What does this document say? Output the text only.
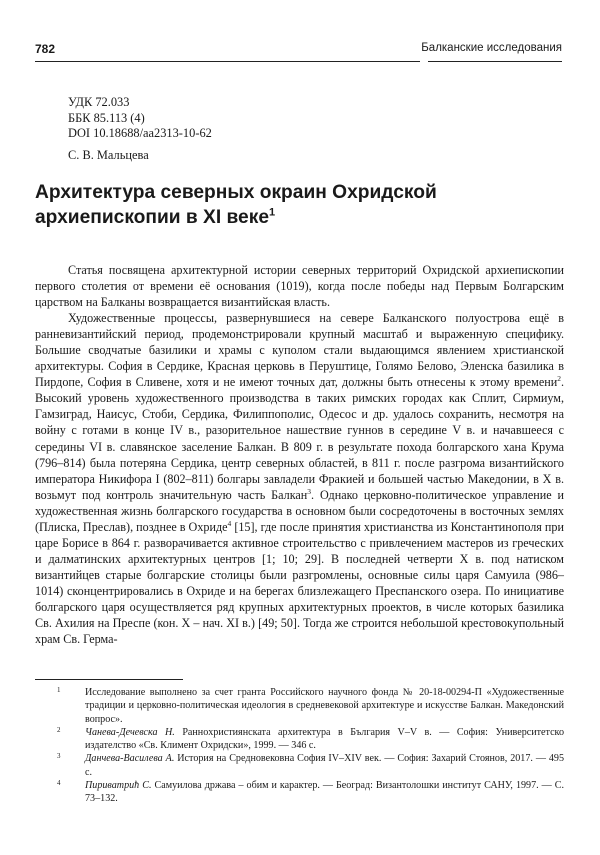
782	Балканские исследования
УДК 72.033
ББК 85.113 (4)
DOI 10.18688/aa2313-10-62
С. В. Мальцева
Архитектура северных окраин Охридской
архиепископии в XI веке$^1$

Статья посвящена архитектурной истории северных территорий Охридской архиепископии первого столетия от времени её основания (1019), когда после победы над Первым Болгарским царством на Балканы возвращается византийская власть.

Художественные процессы, развернувшиеся на севере Балканского полуострова ещё в ранневизантийский период, продемонстрировали крупный масштаб и выраженную специфику. Большие сводчатые базилики и храмы с куполом стали выдающимся явлением христианской архитектуры. София в Сердике, Красная церковь в Перуштице, Голямо Белово, Эленска базилика в Пирдопе, София в Сливене, хотя и не имеют точных дат, должны быть отнесены к этому времени$^2$. Высокий уровень художественного производства в таких римских городах как Сплит, Сирмиум, Гамзиград, Наисус, Стоби, Сердика, Филиппополис, Одесос и др. удалось сохранить, несмотря на войну с готами в конце IV в., разорительное нашествие гуннов в середине V в. и начавшееся с середины VI в. славянское заселение Балкан. В 809 г. в результате похода болгарского хана Крума (796–814) была потеряна Сердика, центр северных областей, в 811 г. после разгрома византийского императора Никифора I (802–811) болгары завладели Фракией и большей частью Македонии, в X в. возьмут под контроль значительную часть Балкан$^3$. Однако церковно-политическое управление и художественная жизнь болгарского государства в основном были сосредоточены в восточных землях (Плиска, Преслав), позднее в Охриде$^4$ [15], где после принятия христианства из Константинополя при царе Борисе в 864 г. разворачивается активное строительство с привлечением мастеров из греческих и далматинских архитектурных центров [1; 10; 29]. В последней четверти X в. под натиском византийцев старые болгарские столицы были разгромлены, основные силы царя Самуила (986–1014) сконцентрировались в Охриде и на берегах близлежащего Преспанского озера. По инициативе болгарского царя осуществляется ряд крупных архитектурных проектов, в числе которых базилика Св. Ахилия на Преспе (кон. X – нач. XI в.) [49; 50]. Тогда же строится небольшой крестовокупольный храм Св. Герма-

1 Исследование выполнено за счет гранта Российского научного фонда № 20-18-00294-П «Художественные традиции и церковно-политическая идеология в средневековой архитектуре и искусстве Балкан. Македонский вопрос».
2 Чанева-Дечевска Н. Ранноxристиянската архитектура в България V–V в. — София: Университетско издателство «Св. Климент Охридски», 1999. — 346 с.
3 Данчева-Василева А. История на Средновековна София IV–XIV век. — София: Захарий Стоянов, 2017. — 495 с.
4 Пириватрић С. Самуилова држава – обим и карактер. — Београд: Византолошки институт САНУ, 1997. — С. 73–132.
